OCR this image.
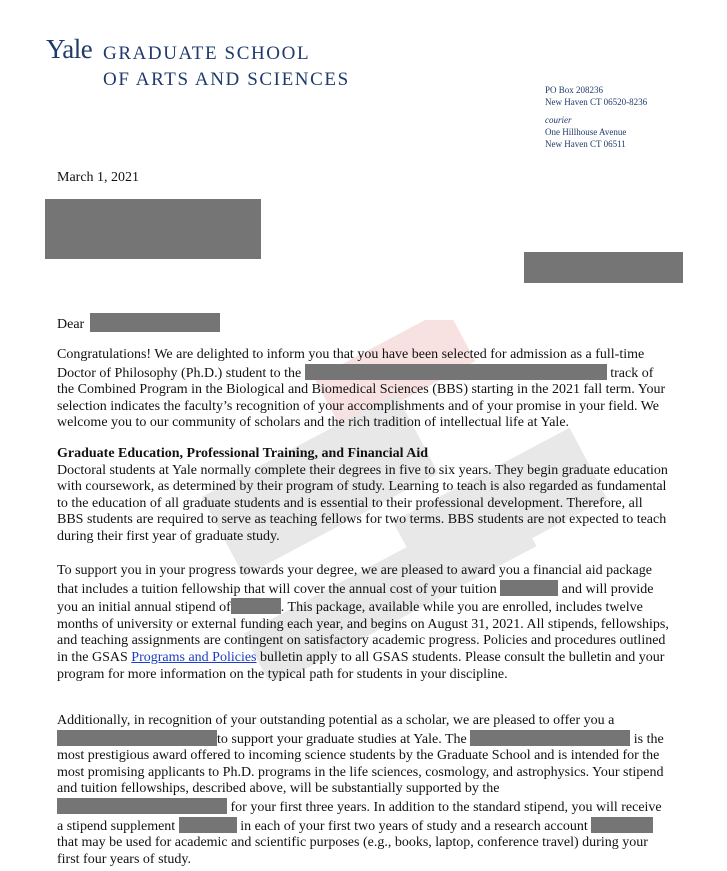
Yale GRADUATE SCHOOL
OF ARTS AND SCIENCES	PO Box 208236
New Haven CT 06520-8236
courier
One Hillhouse Avenue
New Haven CT 06511
March 1, 2021
Dear

Congratulations! We are delighted to inform you that you have been selected for admission as a full-time Doctor of Philosophy (Ph.D.) student to the	track of the Combined Program in the Biological and Biomedical Sciences (BBS) starting in the 2021 fall term. Your selection indicates the faculty’s recognition of your accomplishments and of your promise in your field. We welcome you to our community of scholars and the rich tradition of intellectual life at Yale.

Graduate Education, Professional Training, and Financial Aid

Doctoral students at Yale normally complete their degrees in five to six years. They begin graduate education with coursework, as determined by their program of study. Learning to teach is also regarded as fundamental to the education of all graduate students and is essential to their professional development. Therefore, all BBS students are required to serve as teaching fellows for two terms. BBS students are not expected to teach during their first year of graduate study.

To support you in your progress towards your degree, we are pleased to award you a financial aid package that includes a tuition fellowship that will cover the annual cost of your tuition	and will provide you an initial annual stipend of	. This package, available while you are enrolled, includes twelve months of university or external funding each year, and begins on August 31, 2021. All stipends, fellowships, and teaching assignments are contingent on satisfactory academic progress. Policies and procedures outlined in the GSAS Programs and Policies bulletin apply to all GSAS students. Please consult the bulletin and your program for more information on the typical path for students in your discipline.

Additionally, in recognition of your outstanding potential as a scholar, we are pleased to offer you a to support your graduate studies at Yale. The	is the most prestigious award offered to incoming science students by the Graduate School and is intended for the most promising applicants to Ph.D. programs in the life sciences, cosmology, and astrophysics. Your stipend and tuition fellowships, described above, will be substantially supported by the  for your first three years. In addition to the standard stipend, you will receive a stipend supplement	in each of your first two years of study and a research account  that may be used for academic and scientific purposes (e.g., books, laptop, conference travel) during your first four years of study.
